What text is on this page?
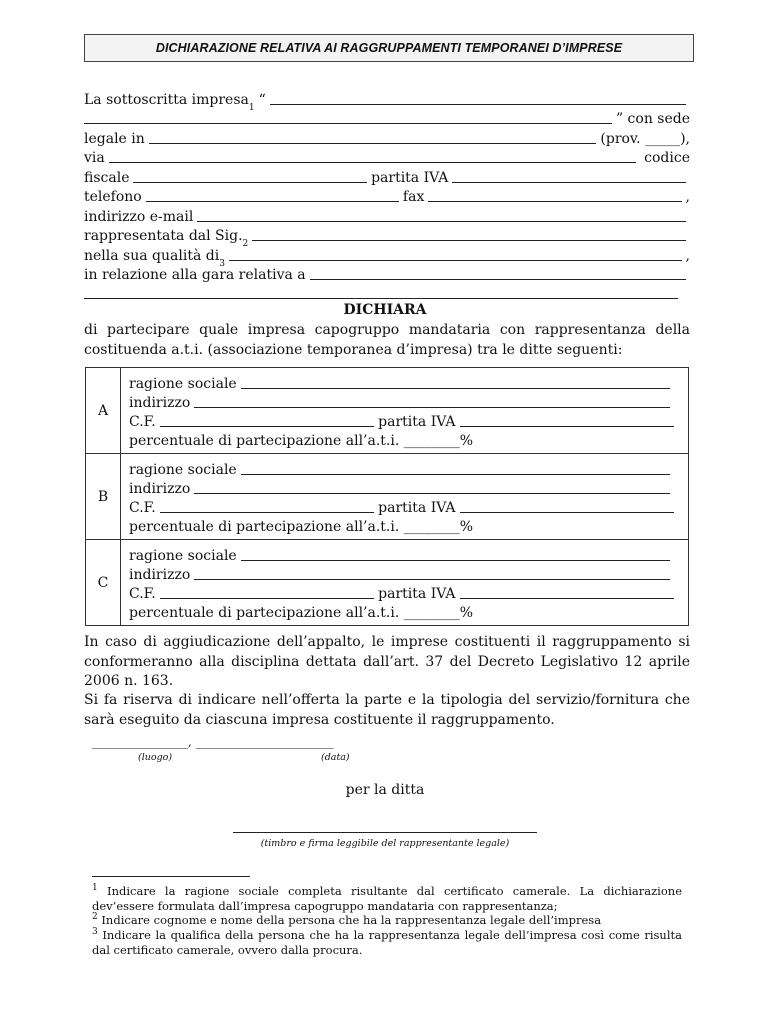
DICHIARAZIONE RELATIVA AI RAGGRUPPAMENTI TEMPORANEI D’IMPRESE
La sottoscritta impresa 1 “
” con sede
legale in	(prov. _____),
via	codice
fiscale	partita IVA
telefono	fax	,
indirizzo e-mail
rappresentata dal Sig. 2
nella sua qualità di 3	,
in relazione alla gara relativa a
DICHIARA
di partecipare quale impresa capogruppo mandataria con rappresentanza della costituenda a.t.i. (associazione temporanea d’impresa) tra le ditte seguenti:
A	ragione sociale
indirizzo
C.F. partita IVA
percentuale di partecipazione all’a.t.i. ________%

B	ragione sociale
indirizzo
C.F. partita IVA
percentuale di partecipazione all’a.t.i. ________%

C	ragione sociale
indirizzo
C.F. partita IVA
percentuale di partecipazione all’a.t.i. ________%
In caso di aggiudicazione dell’appalto, le imprese costituenti il raggruppamento si conformeranno alla disciplina dettata dall’art. 37 del Decreto Legislativo 12 aprile 2006 n. 163.
Si fa riserva di indicare nell’offerta la parte e la tipologia del servizio/fornitura che sarà eseguito da ciascuna impresa costituente il raggruppamento.
________________, _______________________
(luogo)	(data)
per la ditta
(timbro e firma leggibile del rappresentante legale)
$^1$ Indicare la ragione sociale completa risultante dal certificato camerale. La dichiarazione dev’essere formulata dall’impresa capogruppo mandataria con rappresentanza;
$^2$ Indicare cognome e nome della persona che ha la rappresentanza legale dell’impresa
$^3$ Indicare la qualifica della persona che ha la rappresentanza legale dell’impresa così come risulta dal certificato camerale, ovvero dalla procura.
